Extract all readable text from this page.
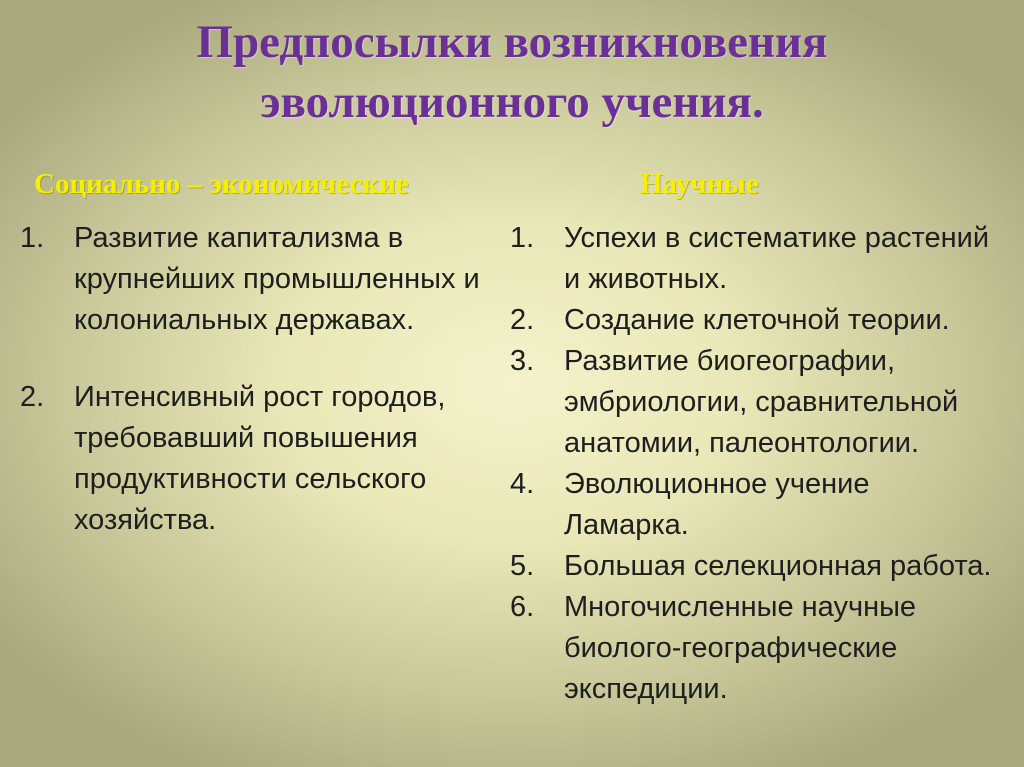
Предпосылки возникновения
эволюционного учения.
Социально – экономические	Научные
1. Развитие капитализма в крупнейших промышленных и колониальных державах.
2. Интенсивный рост городов, требовавший повышения продуктивности сельского хозяйства.
1. Успехи в систематике растений и животных.
2. Создание клеточной теории.
3. Развитие биогеографии, эмбриологии, сравнительной анатомии, палеонтологии.
4. Эволюционное учение Ламарка.
5. Большая селекционная работа.
6. Многочисленные научные биолого-географические экспедиции.
